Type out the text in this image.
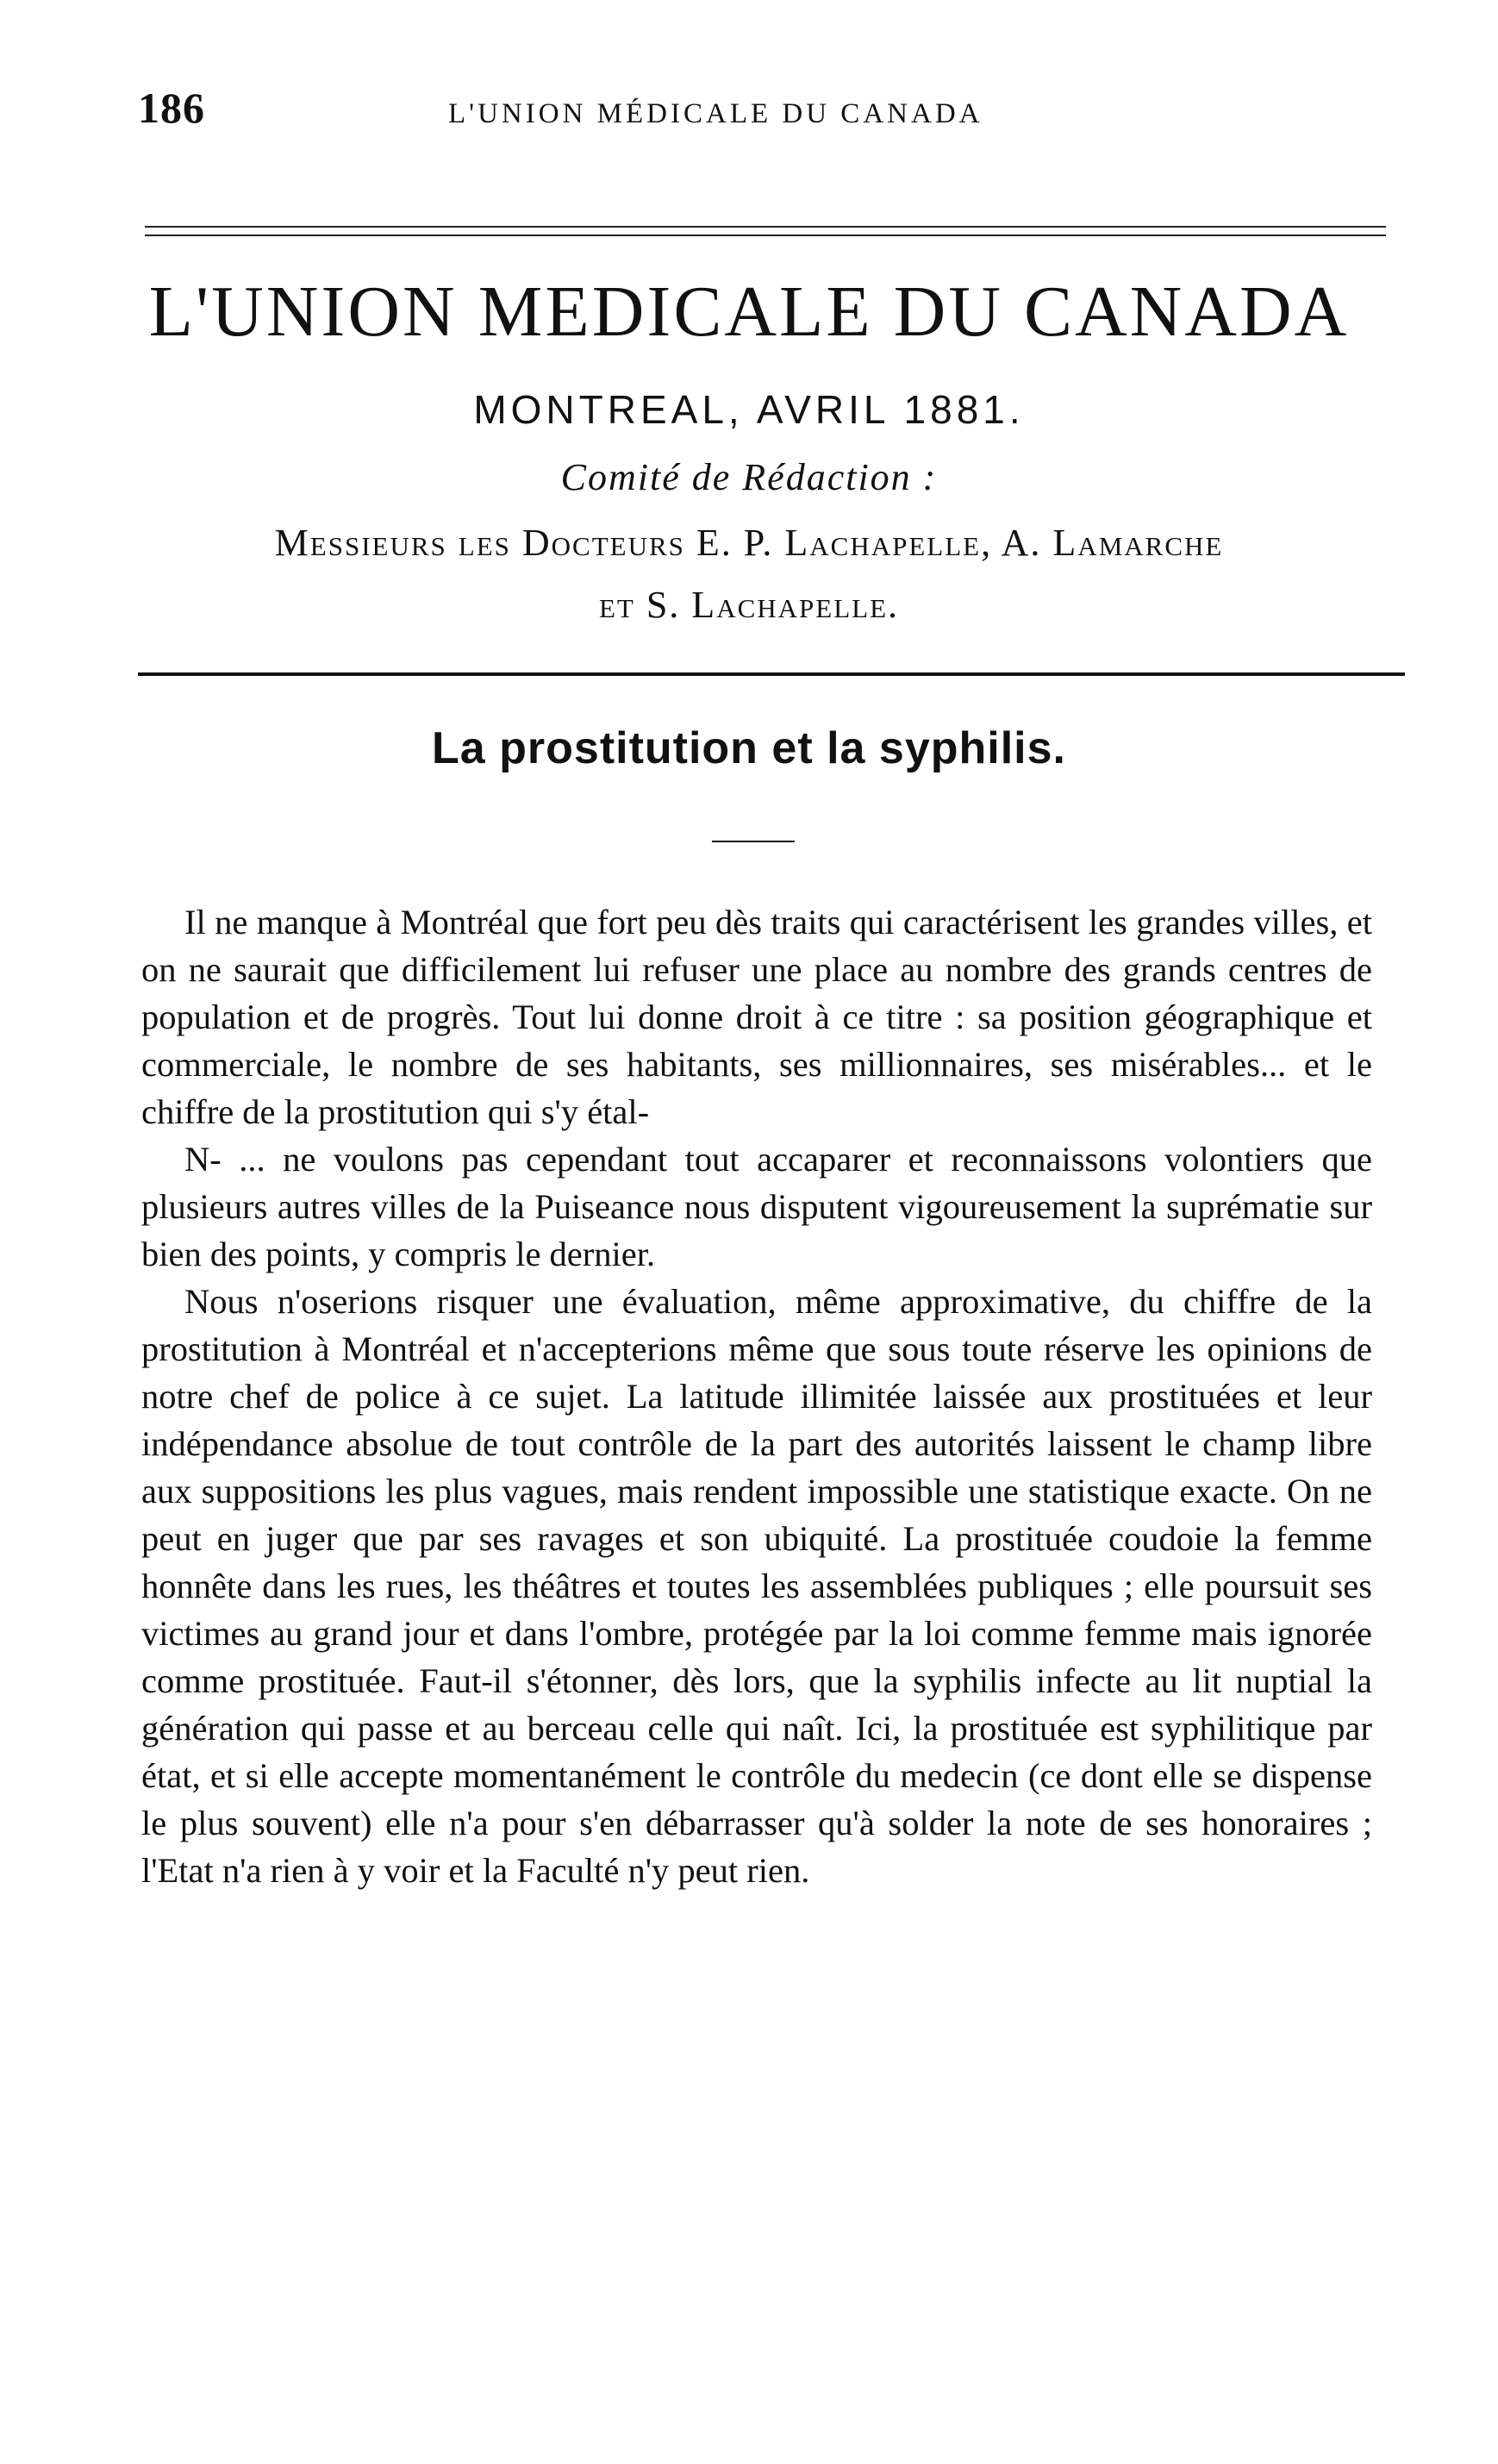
186	L'UNION MÉDICALE DU CANADA
L'UNION MEDICALE DU CANADA
MONTREAL, AVRIL 1881.
Comité de Rédaction :
Messieurs les Docteurs E. P. Lachapelle, A. Lamarche
et S. Lachapelle.
La prostitution et la syphilis.

Il ne manque à Montréal que fort peu dès traits qui caractérisent les grandes villes, et on ne saurait que difficilement lui refuser une place au nombre des grands centres de population et de progrès. Tout lui donne droit à ce titre : sa position géographique et commerciale, le nombre de ses habitants, ses millionnaires, ses misérables... et le chiffre de la prostitution qui s'y étal-

N- ... ne voulons pas cependant tout accaparer et reconnaissons volontiers que plusieurs autres villes de la Puiseance nous disputent vigoureusement la suprématie sur bien des points, y compris le dernier.

Nous n'oserions risquer une évaluation, même approximative, du chiffre de la prostitution à Montréal et n'accepterions même que sous toute réserve les opinions de notre chef de police à ce sujet. La latitude illimitée laissée aux prostituées et leur indépendance absolue de tout contrôle de la part des autorités laissent le champ libre aux suppositions les plus vagues, mais rendent impossible une statistique exacte. On ne peut en juger que par ses ravages et son ubiquité. La prostituée coudoie la femme honnête dans les rues, les théâtres et toutes les assemblées publiques ; elle poursuit ses victimes au grand jour et dans l'ombre, protégée par la loi comme femme mais ignorée comme prostituée. Faut-il s'étonner, dès lors, que la syphilis infecte au lit nuptial la génération qui passe et au berceau celle qui naît. Ici, la prostituée est syphilitique par état, et si elle accepte momentanément le contrôle du medecin (ce dont elle se dispense le plus souvent) elle n'a pour s'en débarrasser qu'à solder la note de ses honoraires ; l'Etat n'a rien à y voir et la Faculté n'y peut rien.
